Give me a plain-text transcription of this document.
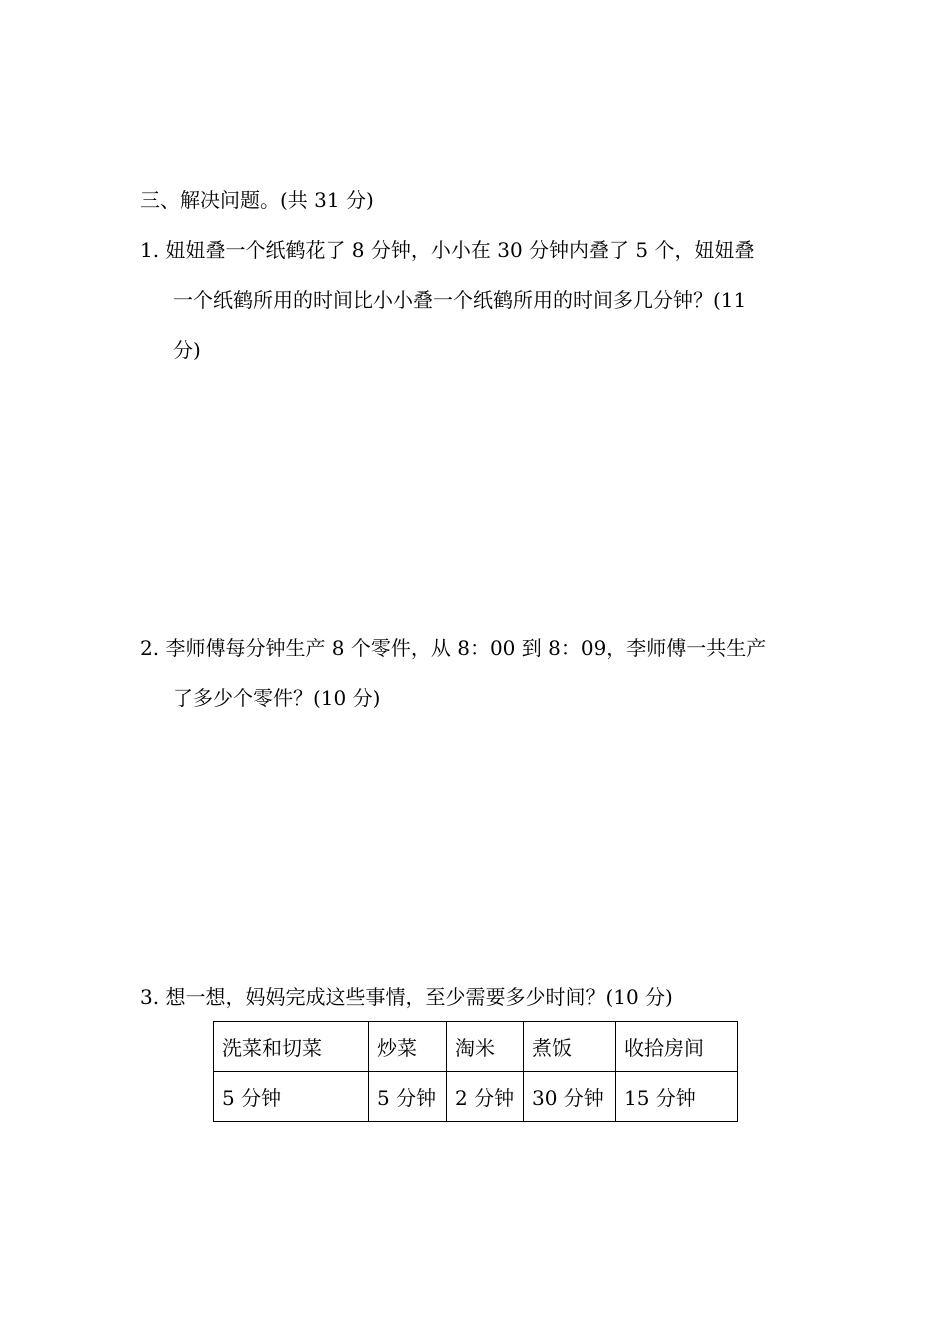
三、解决问题。(共 31 分)
1. 妞妞叠一个纸鹤花了 8 分钟，小小在 30 分钟内叠了 5 个，妞妞叠
一个纸鹤所用的时间比小小叠一个纸鹤所用的时间多几分钟？(11
分)
2. 李师傅每分钟生产 8 个零件，从 8：00 到 8：09，李师傅一共生产
了多少个零件？(10 分)
3. 想一想，妈妈完成这些事情，至少需要多少时间？(10 分)
洗菜和切菜	炒菜	淘米	煮饭	收拾房间
5 分钟	5 分钟	2 分钟	30 分钟	15 分钟
